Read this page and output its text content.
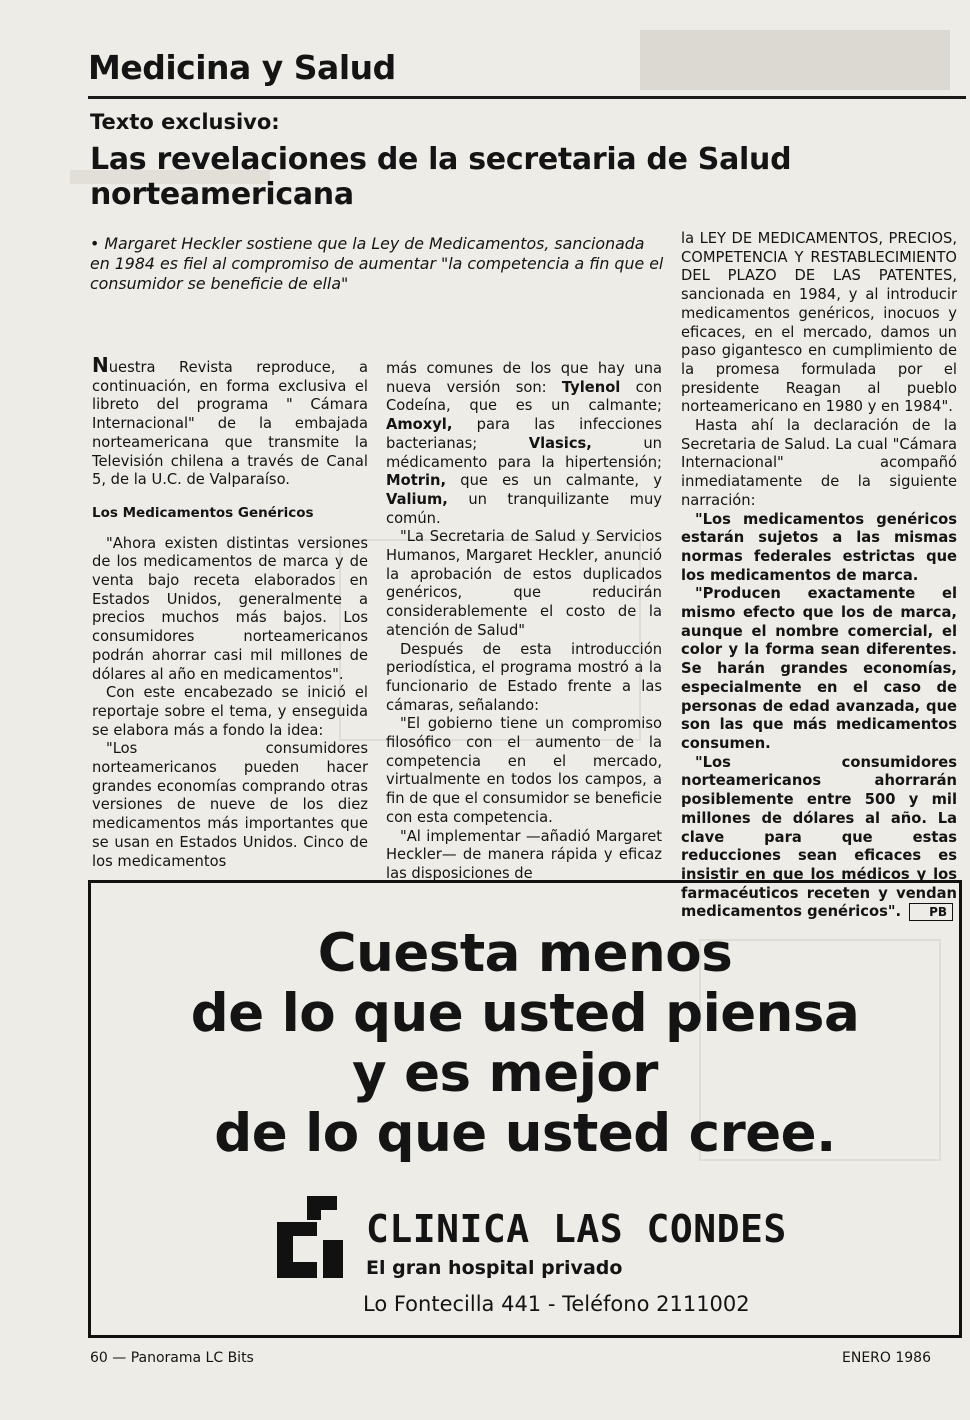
Medicina y Salud
Texto exclusivo:
Las revelaciones de la secretaria de Salud norteamericana
• Margaret Heckler sostiene que la Ley de Medicamentos, sancionada en 1984 es fiel al compromiso de aumentar "la competencia a fin que el consumidor se beneficie de ella"

Nuestra Revista reproduce, a continuación, en forma exclusiva el libreto del programa " Cámara Internacional" de la embajada norteamericana que transmite la Televisión chilena a través de Canal 5, de la U.C. de Valparaíso.

Los Medicamentos Genéricos

"Ahora existen distintas versiones de los medicamentos de marca y de venta bajo receta elaborados en Estados Unidos, generalmente a precios muchos más bajos. Los consumidores norteamericanos podrán ahorrar casi mil millones de dólares al año en medicamentos".

Con este encabezado se inició el reportaje sobre el tema, y enseguida se elabora más a fondo la idea:

"Los consumidores norteamericanos pueden hacer grandes economías comprando otras versiones de nueve de los diez medicamentos más importantes que se usan en Estados Unidos. Cinco de los medicamentos

más comunes de los que hay una nueva versión son: Tylenol con Codeína, que es un calmante; Amoxyl, para las infecciones bacterianas; Vlasics, un médicamento para la hipertensión; Motrin, que es un calmante, y Valium, un tranquilizante muy común.

"La Secretaria de Salud y Servicios Humanos, Margaret Heckler, anunció la aprobación de estos duplicados genéricos, que reducirán considerablemente el costo de la atención de Salud"

Después de esta introducción periodística, el programa mostró a la funcionario de Estado frente a las cámaras, señalando:

"El gobierno tiene un compromiso filosófico con el aumento de la competencia en el mercado, virtualmente en todos los campos, a fin de que el consumidor se beneficie con esta competencia.

"Al implementar —añadió Margaret Heckler— de manera rápida y eficaz las disposiciones de

la LEY DE MEDICAMENTOS, PRECIOS, COMPETENCIA Y RESTABLECIMIENTO DEL PLAZO DE LAS PATENTES, sancionada en 1984, y al introducir medicamentos genéricos, inocuos y eficaces, en el mercado, damos un paso gigantesco en cumplimiento de la promesa formulada por el presidente Reagan al pueblo norteamericano en 1980 y en 1984".

Hasta ahí la declaración de la Secretaria de Salud. La cual "Cámara Internacional" acompañó inmediatamente de la siguiente narración:

"Los medicamentos genéricos estarán sujetos a las mismas normas federales estrictas que los medicamentos de marca.

"Producen exactamente el mismo efecto que los de marca, aunque el nombre comercial, el color y la forma sean diferentes. Se harán grandes economías, especialmente en el caso de personas de edad avanzada, que son las que más medicamentos consumen.

"Los consumidores norteamericanos ahorrarán posiblemente entre 500 y mil millones de dólares al año. La clave para que estas reducciones sean eficaces es insistir en que los médicos y los farmacéuticos receten y vendan medicamentos genéricos". PB

Cuesta menos
de lo que usted piensa
y es mejor
de lo que usted cree.
CLINICA LAS CONDES
El gran hospital privado
Lo Fontecilla 441 - Teléfono 2111002
60 — Panorama LC Bits	ENERO 1986
